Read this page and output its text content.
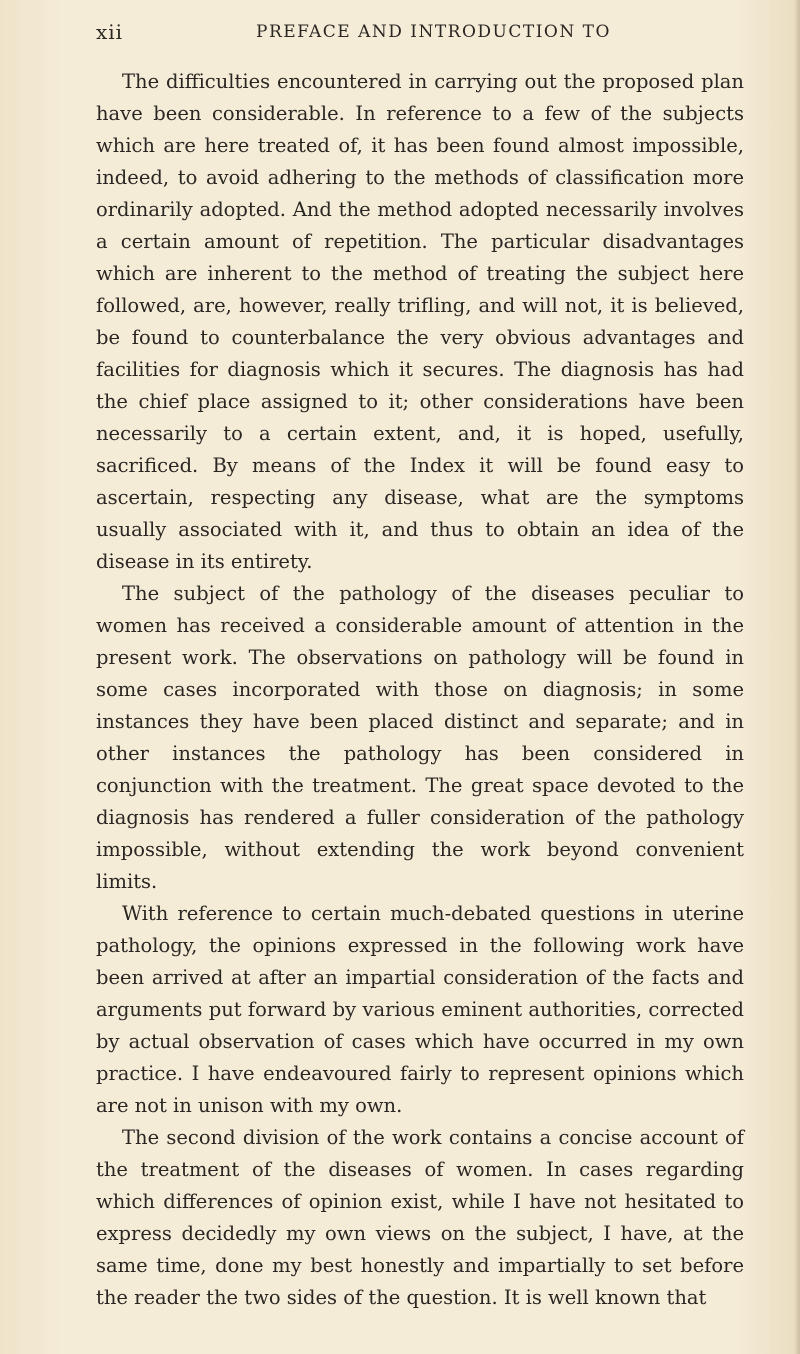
xii	PREFACE AND INTRODUCTION TO

The difficulties encountered in carrying out the proposed plan have been considerable. In reference to a few of the subjects which are here treated of, it has been found almost impossible, indeed, to avoid adhering to the methods of classification more ordinarily adopted. And the method adopted necessarily involves a certain amount of repetition. The particular disadvantages which are inherent to the method of treating the subject here followed, are, however, really trifling, and will not, it is believed, be found to counterbalance the very obvious advantages and facilities for diagnosis which it secures. The diagnosis has had the chief place assigned to it; other considerations have been necessarily to a certain extent, and, it is hoped, usefully, sacrificed. By means of the Index it will be found easy to ascertain, respecting any disease, what are the symptoms usually associated with it, and thus to obtain an idea of the disease in its entirety.

The subject of the pathology of the diseases peculiar to women has received a considerable amount of attention in the present work. The observations on pathology will be found in some cases incorporated with those on diagnosis; in some instances they have been placed distinct and separate; and in other instances the pathology has been considered in conjunction with the treatment. The great space devoted to the diagnosis has rendered a fuller consideration of the pathology impossible, without extending the work beyond convenient limits.

With reference to certain much-debated questions in uterine pathology, the opinions expressed in the following work have been arrived at after an impartial consideration of the facts and arguments put forward by various eminent authorities, corrected by actual observation of cases which have occurred in my own practice. I have endeavoured fairly to represent opinions which are not in unison with my own.

The second division of the work contains a concise account of the treatment of the diseases of women. In cases regarding which differences of opinion exist, while I have not hesitated to express decidedly my own views on the subject, I have, at the same time, done my best honestly and impartially to set before the reader the two sides of the question. It is well known that
